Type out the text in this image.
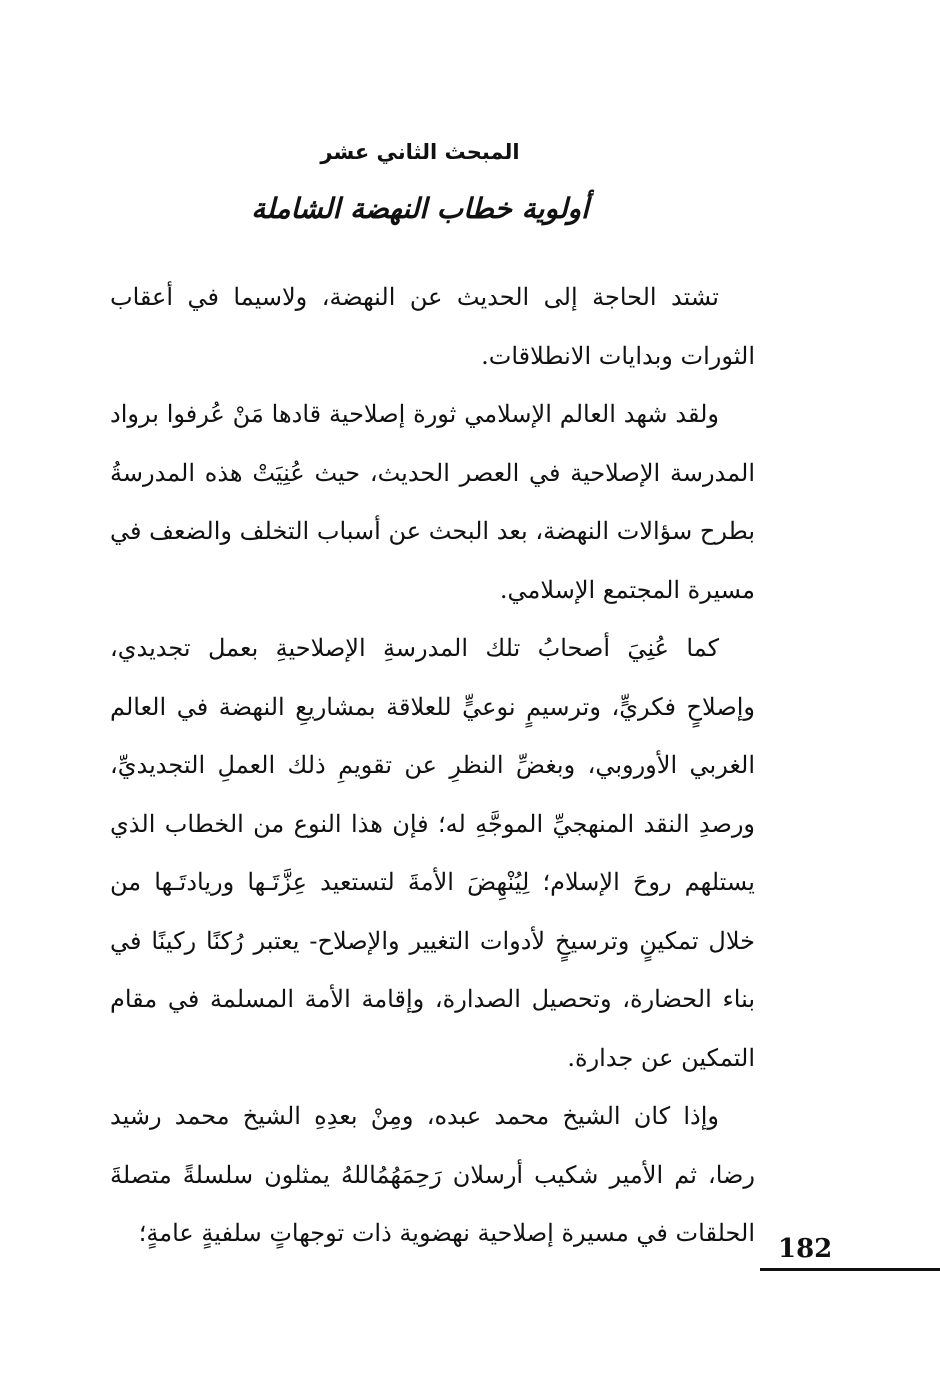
المبحث الثاني عشر
أولوية خطاب النهضة الشاملة

تشتد الحاجة إلى الحديث عن النهضة، ولاسيما في أعقاب الثورات وبدايات الانطلاقات.

ولقد شهد العالم الإسلامي ثورة إصلاحية قادها مَنْ عُرفوا برواد المدرسة الإصلاحية في العصر الحديث، حيث عُنِيَتْ هذه المدرسةُ بطرح سؤالات النهضة، بعد البحث عن أسباب التخلف والضعف في مسيرة المجتمع الإسلامي.

كما عُنِيَ أصحابُ تلك المدرسةِ الإصلاحيةِ بعمل تجديدي، وإصلاحٍ فكريٍّ، وترسيمٍ نوعيٍّ للعلاقة بمشاريعِ النهضة في العالم الغربي الأوروبي، وبغضِّ النظرِ عن تقويمِ ذلك العملِ التجديديِّ، ورصدِ النقد المنهجيِّ الموجَّهِ له؛ فإن هذا النوع من الخطاب الذي يستلهم روحَ الإسلام؛ لِيُنْهِضَ الأمةَ لتستعيد عِزَّتَـها وريادتَـها من خلال تمكينٍ وترسيخٍ لأدوات التغيير والإصلاح- يعتبر رُكنًا ركينًا في بناء الحضارة، وتحصيل الصدارة، وإقامة الأمة المسلمة في مقام التمكين عن جدارة.

وإذا كان الشيخ محمد عبده، ومِنْ بعدِهِ الشيخ محمد رشيد رضا، ثم الأمير شكيب أرسلان رَحِمَهُمُاللهُ يمثلون سلسلةً متصلةَ الحلقات في مسيرة إصلاحية نهضوية ذات توجهاتٍ سلفيةٍ عامةٍ؛

182
